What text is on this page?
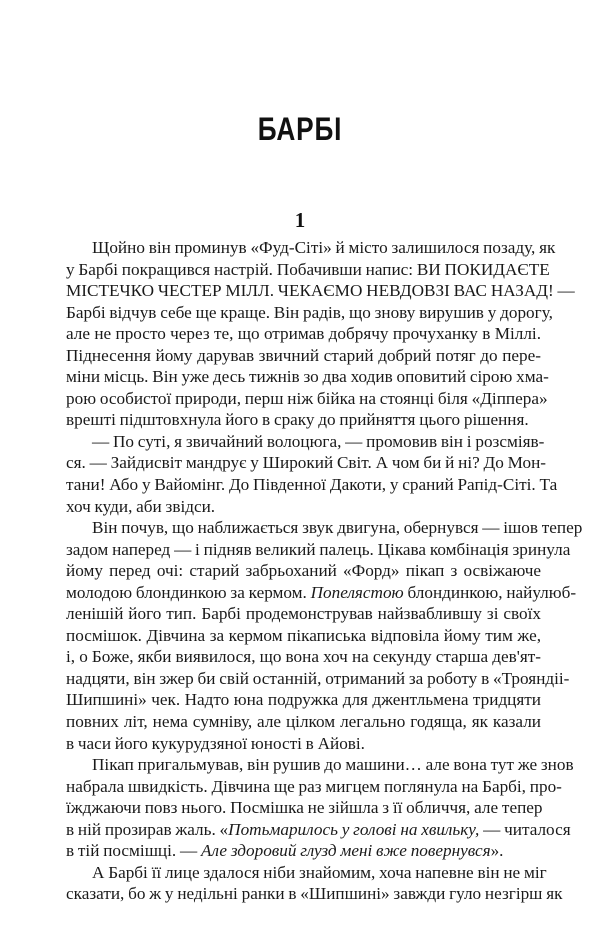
БАРБІ
1
Щойно він проминув «Фуд-Сіті» й місто залишилося позаду, як
у Барбі покращився настрій. Побачивши напис: ВИ ПОКИДАЄТЕ
МІСТЕЧКО ЧЕСТЕР МІЛЛ. ЧЕКАЄМО НЕВДОВЗІ ВАС НАЗАД! —
Барбі відчув себе ще краще. Він радів, що знову вирушив у дорогу,
але не просто через те, що отримав добрячу прочуханку в Міллі.
Піднесення йому дарував звичний старий добрий потяг до пере-
міни місць. Він уже десь тижнів зо два ходив оповитий сірою хма-
рою особистої природи, перш ніж бійка на стоянці біля «Діппера»
врешті підштовхнула його в сраку до прийняття цього рішення.
— По суті, я звичайний волоцюга, — промовив він і розсміяв-
ся. — Зайдисвіт мандрує у Широкий Світ. А чом би й ні? До Мон-
тани! Або у Вайомінг. До Південної Дакоти, у сраний Рапід-Сіті. Та
хоч куди, аби звідси.
Він почув, що наближається звук двигуна, обернувся — ішов тепер
задом наперед — і підняв великий палець. Цікава комбінація зринула
йому перед очі: старий забрьоханий «Форд» пікап з освіжаюче
молодою блондинкою за кермом. Попелястою блондинкою, найулюб-
ленішій його тип. Барбі продемонстрував найзваблившу зі своїх
посмішок. Дівчина за кермом пікаписька відповіла йому тим же,
і, о Боже, якби виявилося, що вона хоч на секунду старша дев'ят-
надцяти, він зжер би свій останній, отриманий за роботу в «Трояндіі-
Шипшині» чек. Надто юна подружка для джентльмена тридцяти
повних літ, нема сумніву, але цілком легально годяща, як казали
в часи його кукурудзяної юності в Айові.
Пікап пригальмував, він рушив до машини… але вона тут же знов
набрала швидкість. Дівчина ще раз мигцем поглянула на Барбі, про-
їжджаючи повз нього. Посмішка не зійшла з її обличчя, але тепер
в ній прозирав жаль. «Потьмарилось у голові на хвильку, — читалося
в тій посмішці. — Але здоровий глузд мені вже повернувся».
А Барбі її лице здалося ніби знайомим, хоча напевне він не міг
сказати, бо ж у недільні ранки в «Шипшині» завжди гуло незгірш як
